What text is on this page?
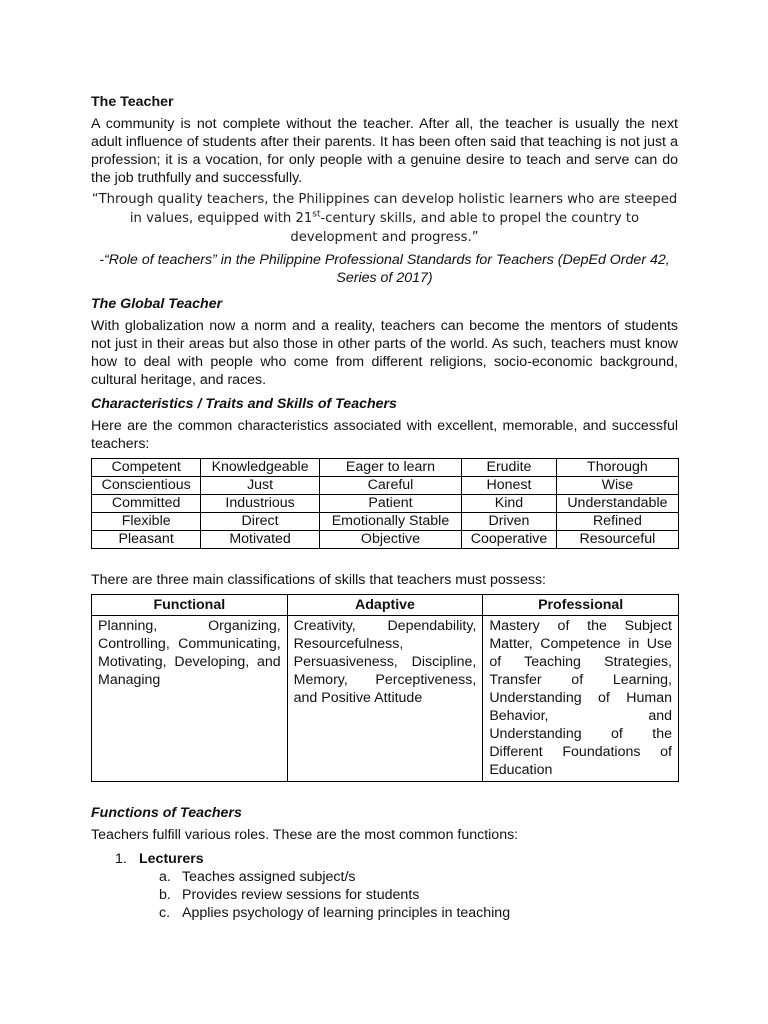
The Teacher

A community is not complete without the teacher. After all, the teacher is usually the next adult influence of students after their parents. It has been often said that teaching is not just a profession; it is a vocation, for only people with a genuine desire to teach and serve can do the job truthfully and successfully.

“Through quality teachers, the Philippines can develop holistic learners who are steeped
in values, equipped with 21st-century skills, and able to propel the country to
development and progress.”

-“Role of teachers” in the Philippine Professional Standards for Teachers (DepEd Order 42, Series of 2017)

The Global Teacher

With globalization now a norm and a reality, teachers can become the mentors of students not just in their areas but also those in other parts of the world. As such, teachers must know how to deal with people who come from different religions, socio-economic background, cultural heritage, and races.

Characteristics / Traits and Skills of Teachers

Here are the common characteristics associated with excellent, memorable, and successful teachers:

Competent	Knowledgeable	Eager to learn	Erudite	Thorough
Conscientious	Just	Careful	Honest	Wise
Committed	Industrious	Patient	Kind	Understandable
Flexible	Direct	Emotionally Stable	Driven	Refined
Pleasant	Motivated	Objective	Cooperative	Resourceful

There are three main classifications of skills that teachers must possess:

Functional	Adaptive	Professional
Planning, Organizing, Controlling, Communicating, Motivating, Developing, and Managing	Creativity, Dependability, Resourcefulness, Persuasiveness, Discipline, Memory, Perceptiveness, and Positive Attitude	Mastery of the Subject Matter, Competence in Use of Teaching Strategies, Transfer of Learning, Understanding of Human Behavior, and Understanding of the Different Foundations of Education
Functions of Teachers

Teachers fulfill various roles. These are the most common functions:

1. Lecturers
a. Teaches assigned subject/s
b. Provides review sessions for students
c. Applies psychology of learning principles in teaching
